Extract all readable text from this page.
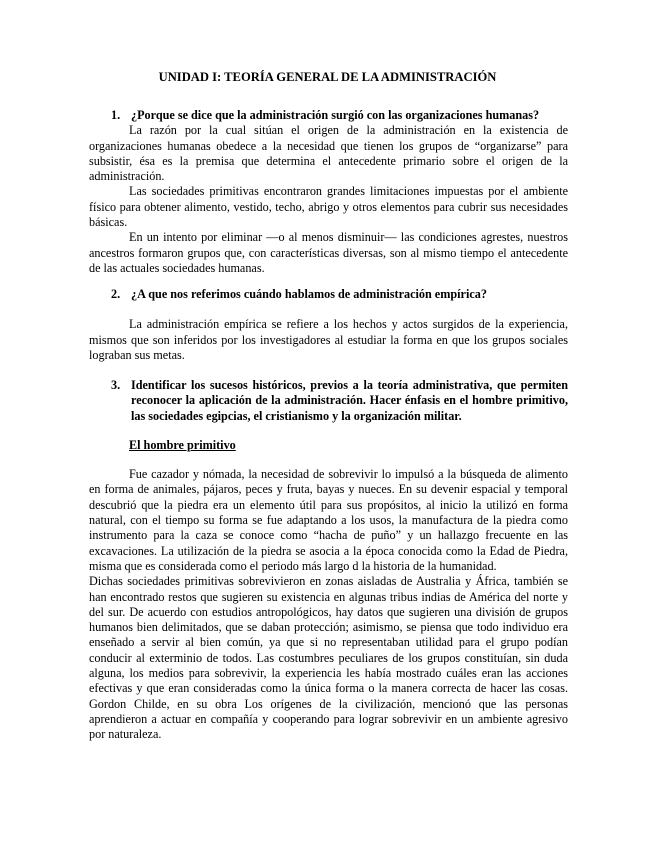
UNIDAD I: TEORÍA GENERAL DE LA ADMINISTRACIÓN
1. ¿Porque se dice que la administración surgió con las organizaciones humanas?

La razón por la cual sitúan el origen de la administración en la existencia de organizaciones humanas obedece a la necesidad que tienen los grupos de “organizarse” para subsistir, ésa es la premisa que determina el antecedente primario sobre el origen de la administración.

Las sociedades primitivas encontraron grandes limitaciones impuestas por el ambiente físico para obtener alimento, vestido, techo, abrigo y otros elementos para cubrir sus necesidades básicas.

En un intento por eliminar —o al menos disminuir— las condiciones agrestes, nuestros ancestros formaron grupos que, con características diversas, son al mismo tiempo el antecedente de las actuales sociedades humanas.

2. ¿A que nos referimos cuándo hablamos de administración empírica?

La administración empírica se refiere a los hechos y actos surgidos de la experiencia, mismos que son inferidos por los investigadores al estudiar la forma en que los grupos sociales lograban sus metas.

3. Identificar los sucesos históricos, previos a la teoría administrativa, que permiten reconocer la aplicación de la administración. Hacer énfasis en el hombre primitivo, las sociedades egipcias, el cristianismo y la organización militar.

El hombre primitivo

Fue cazador y nómada, la necesidad de sobrevivir lo impulsó a la búsqueda de alimento en forma de animales, pájaros, peces y fruta, bayas y nueces. En su devenir espacial y temporal descubrió que la piedra era un elemento útil para sus propósitos, al inicio la utilizó en forma natural, con el tiempo su forma se fue adaptando a los usos, la manufactura de la piedra como instrumento para la caza se conoce como “hacha de puño” y un hallazgo frecuente en las excavaciones. La utilización de la piedra se asocia a la época conocida como la Edad de Piedra, misma que es considerada como el periodo más largo d la historia de la humanidad.

Dichas sociedades primitivas sobrevivieron en zonas aisladas de Australia y África, también se han encontrado restos que sugieren su existencia en algunas tribus indias de América del norte y del sur. De acuerdo con estudios antropológicos, hay datos que sugieren una división de grupos humanos bien delimitados, que se daban protección; asimismo, se piensa que todo individuo era enseñado a servir al bien común, ya que si no representaban utilidad para el grupo podían conducir al exterminio de todos. Las costumbres peculiares de los grupos constituían, sin duda alguna, los medios para sobrevivir, la experiencia les había mostrado cuáles eran las acciones efectivas y que eran consideradas como la única forma o la manera correcta de hacer las cosas. Gordon Childe, en su obra Los orígenes de la civilización, mencionó que las personas aprendieron a actuar en compañía y cooperando para lograr sobrevivir en un ambiente agresivo por naturaleza.
